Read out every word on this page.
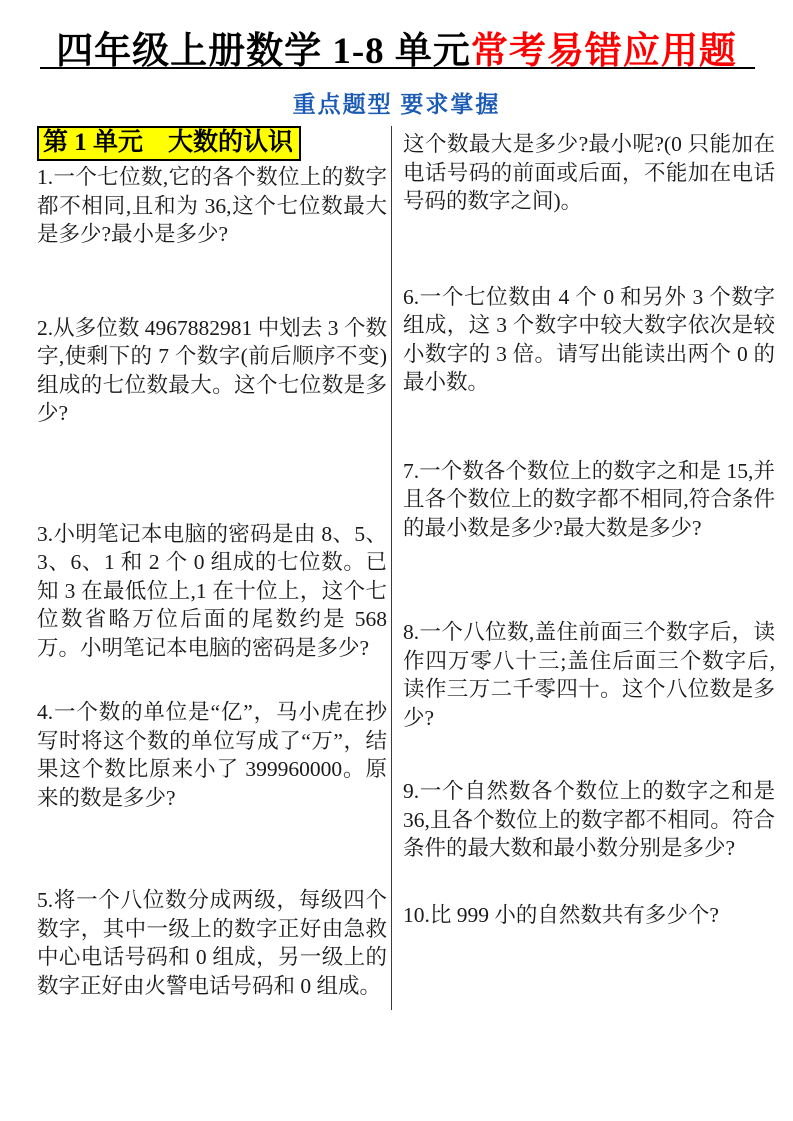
四年级上册数学 1-8 单元常考易错应用题
重点题型 要求掌握
第 1 单元　大数的认识
1.一个七位数,它的各个数位上的数字都不相同,且和为 36,这个七位数最大是多少?最小是多少?
2.从多位数 4967882981 中划去 3 个数字,使剩下的 7 个数字(前后顺序不变)组成的七位数最大。这个七位数是多少?
3.小明笔记本电脑的密码是由 8、5、3、6、1 和 2 个 0 组成的七位数。已知 3 在最低位上,1 在十位上，这个七位数省略万位后面的尾数约是 568 万。小明笔记本电脑的密码是多少?
4.一个数的单位是“亿”，马小虎在抄写时将这个数的单位写成了“万”，结果这个数比原来小了 399960000。原来的数是多少?
5.将一个八位数分成两级，每级四个数字，其中一级上的数字正好由急救中心电话号码和 0 组成，另一级上的数字正好由火警电话号码和 0 组成。
这个数最大是多少?最小呢?(0 只能加在电话号码的前面或后面，不能加在电话号码的数字之间)。
6.一个七位数由 4 个 0 和另外 3 个数字组成，这 3 个数字中较大数字依次是较小数字的 3 倍。请写出能读出两个 0 的最小数。
7.一个数各个数位上的数字之和是 15,并且各个数位上的数字都不相同,符合条件的最小数是多少?最大数是多少?
8.一个八位数,盖住前面三个数字后，读作四万零八十三;盖住后面三个数字后,读作三万二千零四十。这个八位数是多少?
9.一个自然数各个数位上的数字之和是 36,且各个数位上的数字都不相同。符合条件的最大数和最小数分别是多少?
10.比 999 小的自然数共有多少个?
